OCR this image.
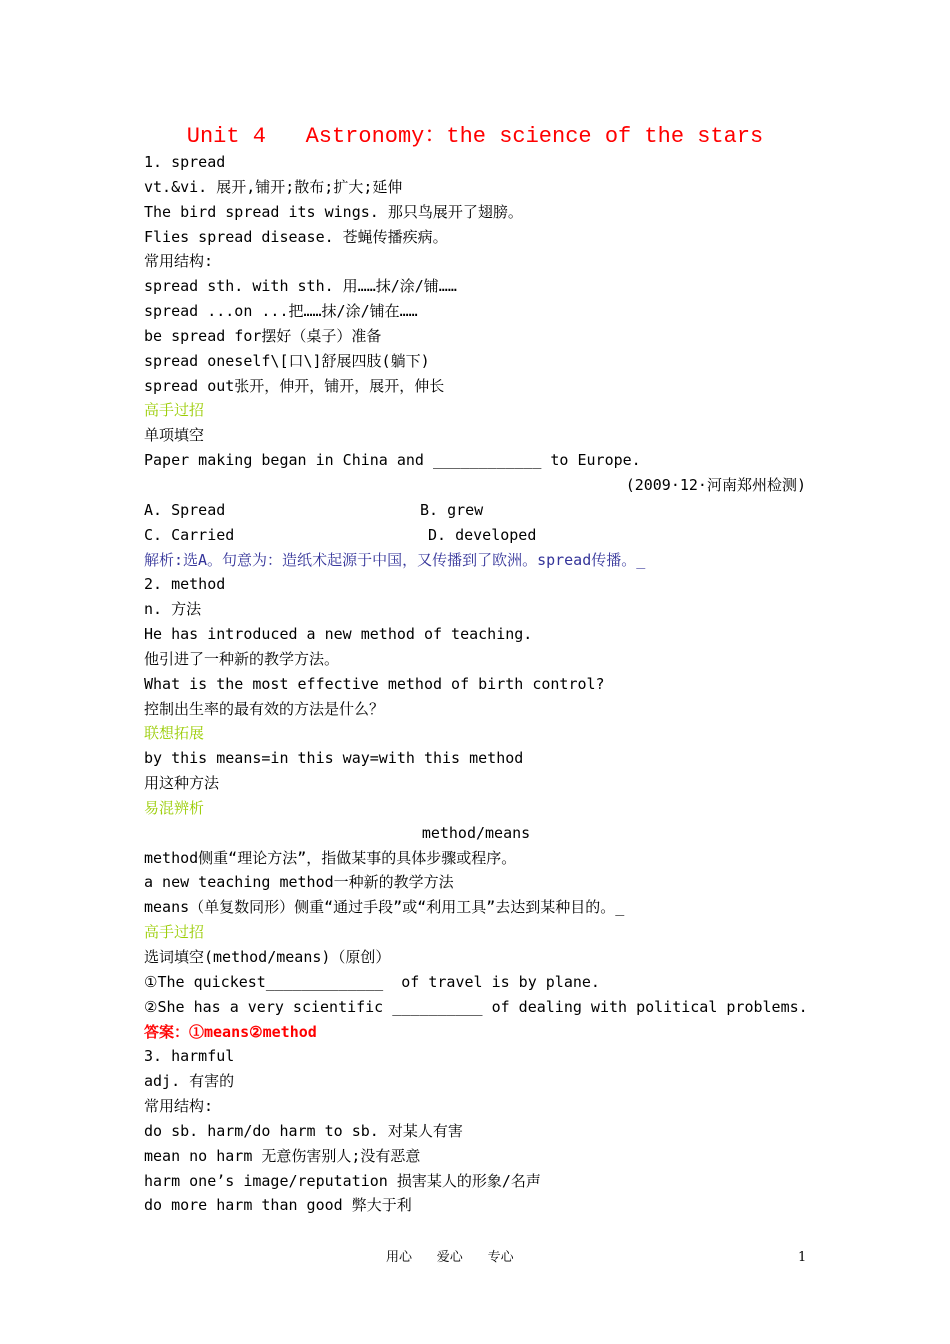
Unit 4   Astronomy：the science of the stars
1. spread
vt.&vi. 展开,铺开;散布;扩大;延伸
The bird spread its wings. 那只鸟展开了翅膀。
Flies spread disease. 苍蝇传播疾病。
常用结构:
spread sth. with sth. 用……抹/涂/铺……
spread ...on ...把……抹/涂/铺在……
be spread for摆好（桌子）准备
spread oneself\[口\]舒展四肢(躺下)
spread out张开，伸开，铺开，展开，伸长
高手过招
单项填空
Paper making began in China and ____________ to Europe.
(2009·12·河南郑州检测)
A. Spread	B. grew
C. Carried	D. developed
解析:选A。句意为：造纸术起源于中国，又传播到了欧洲。spread传播。_
2. method
n. 方法
He has introduced a new method of teaching.
他引进了一种新的教学方法。
What is the most effective method of birth control?
控制出生率的最有效的方法是什么？
联想拓展
by this means=in this way=with this method
用这种方法
易混辨析
method/means
method侧重“理论方法”，指做某事的具体步骤或程序。
a new teaching method一种新的教学方法
means（单复数同形）侧重“通过手段”或“利用工具”去达到某种目的。_
高手过招
选词填空(method/means)（原创）
①The quickest_____________  of travel is by plane.
②She has a very scientific __________ of dealing with political problems.
答案：①means②method
3. harmful
adj. 有害的
常用结构:
do sb. harm/do harm to sb. 对某人有害
mean no harm 无意伤害别人;没有恶意
harm one’s image/reputation 损害某人的形象/名声
do more harm than good 弊大于利
用心      爱心      专心	1
